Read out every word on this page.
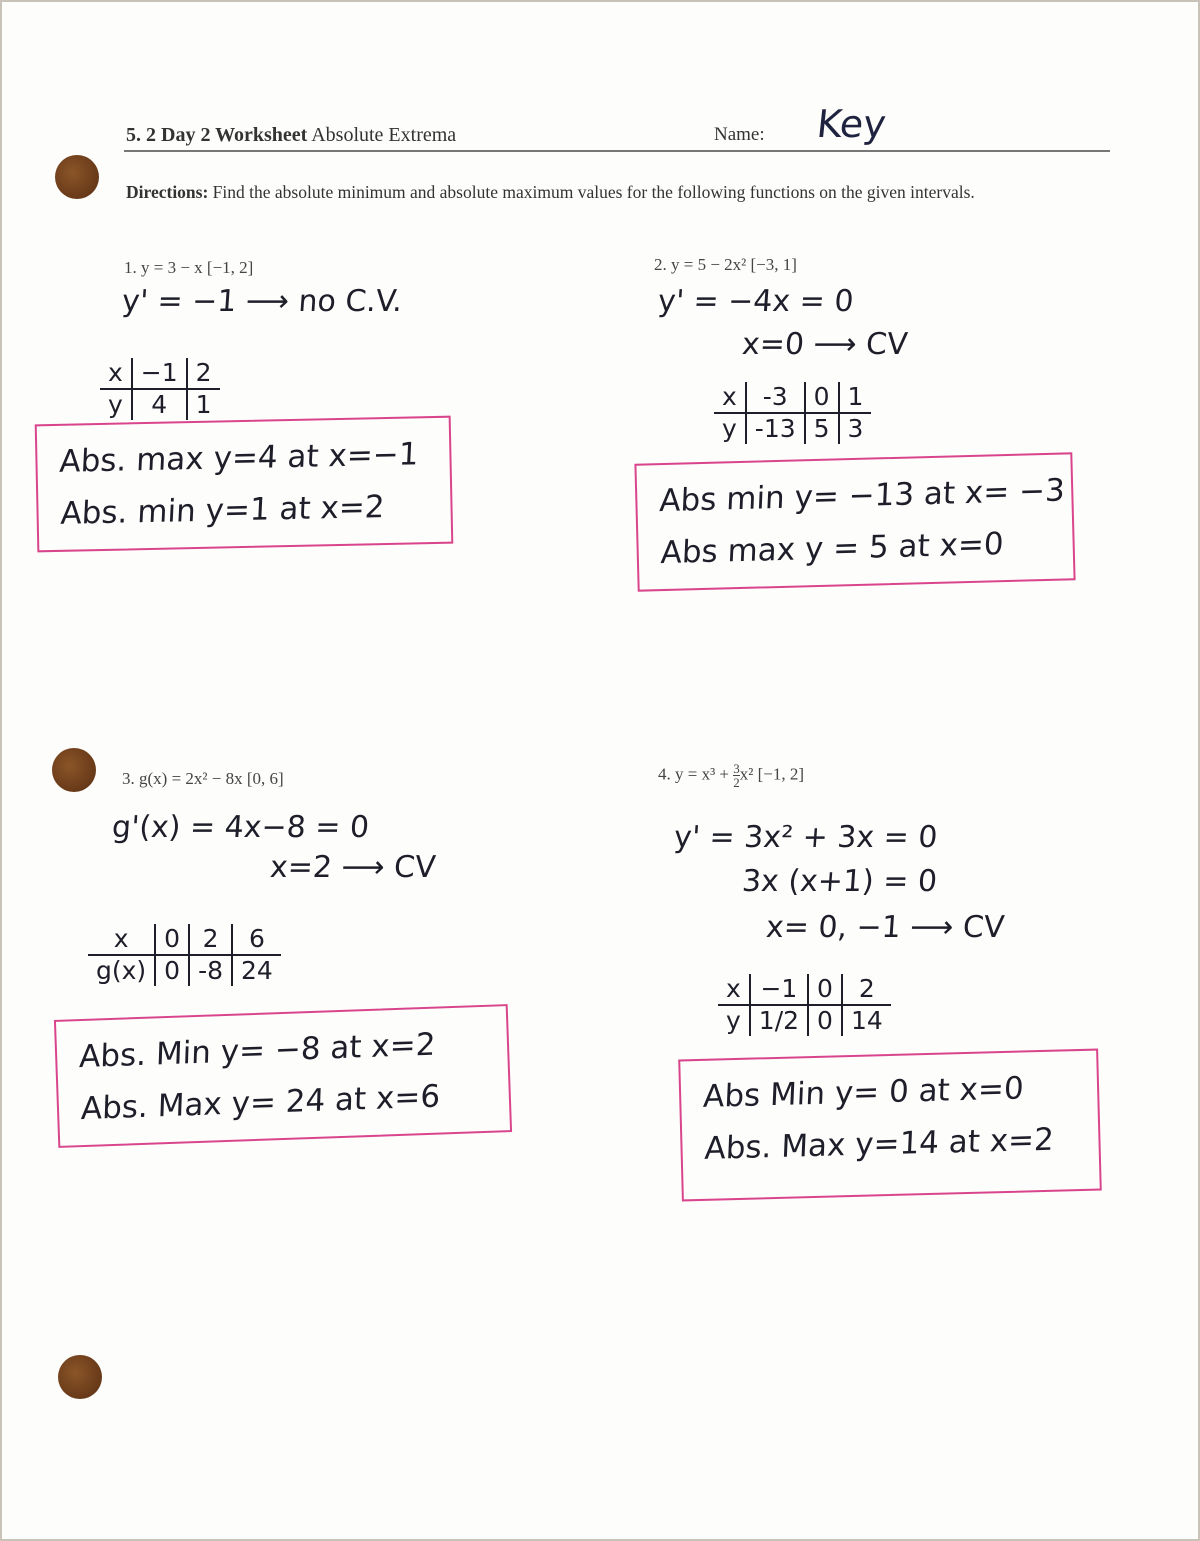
5. 2 Day 2 Worksheet Absolute Extrema	Name: Key
Directions: Find the absolute minimum and absolute maximum values for the following functions on the given intervals.
1. y = 3 − x [−1, 2]
y' = −1 ⟶ no C.V.
x	−1	2
y	4	1
Abs. max y=4 at x=−1
Abs. min y=1 at x=2
2. y = 5 − 2x² [−3, 1]
y' = −4x = 0
x=0 ⟶ CV
x	-3	0	1
y	-13	5	3
Abs min y= −13 at x= −3
Abs max y = 5 at x=0
3. g(x) = 2x² − 8x [0, 6]
g'(x) = 4x−8 = 0
x=2 ⟶ CV
x	0	2	6
g(x)	0	-8	24
Abs. Min y= −8 at x=2
Abs. Max y= 24 at x=6
4. $y = x^3 + \frac{3}{2} x^2$ [−1, 2]
y' = 3x² + 3x = 0
3x (x+1) = 0
x= 0, −1 ⟶ CV
x	−1	0	2
y	1/2	0	14
Abs Min y= 0 at x=0
Abs. Max y=14 at x=2
